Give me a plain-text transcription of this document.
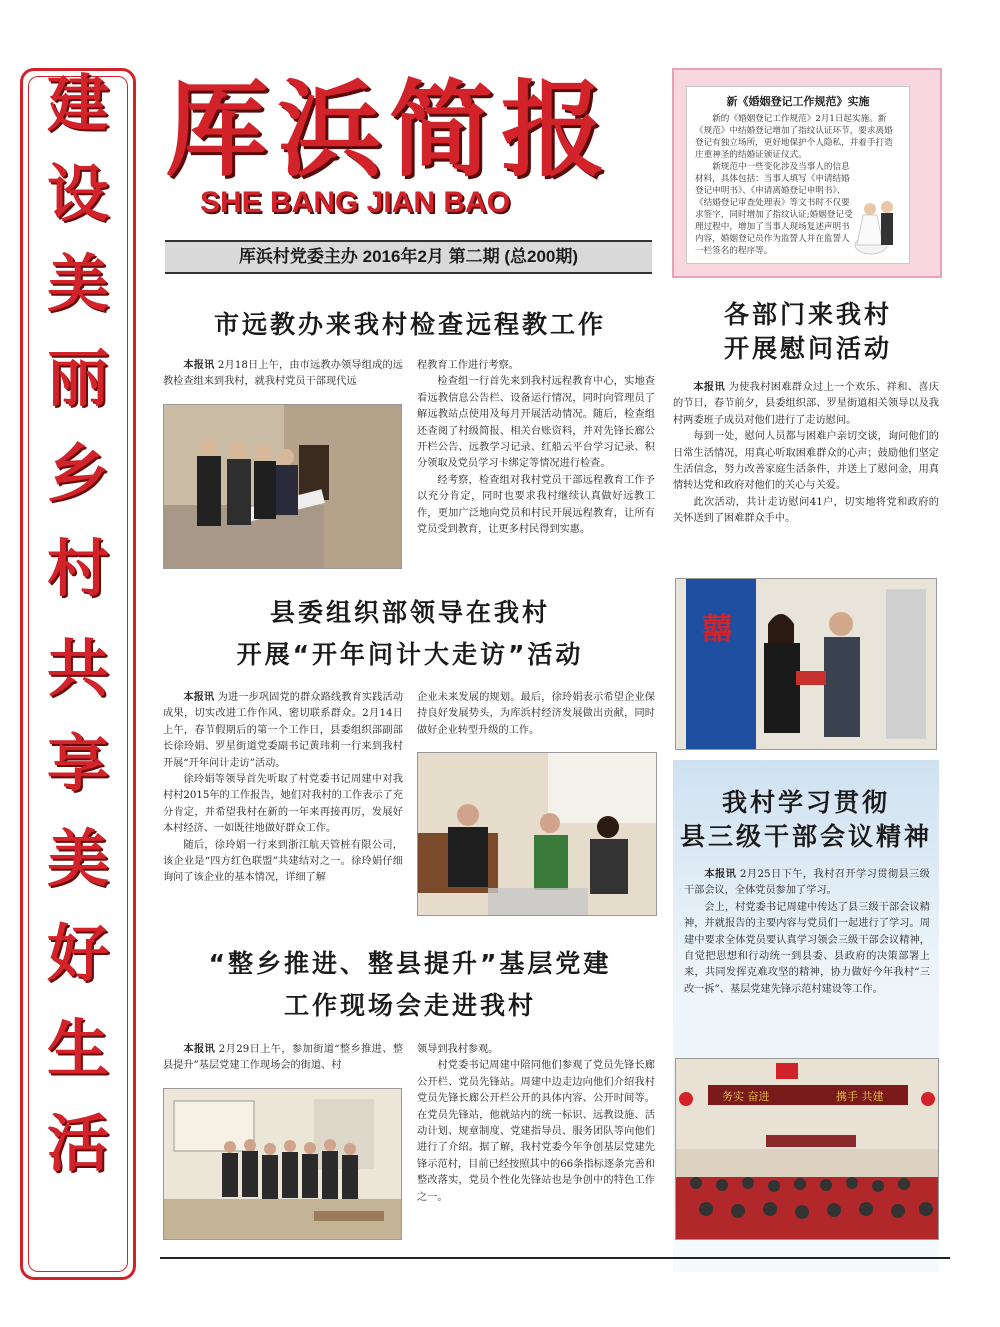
建
设
美
丽
乡
村
共
享
美
好
生
活
厍浜简报
SHE BANG JIAN BAO
厍浜村党委主办 2016年2月 第二期 (总200期)
新《婚姻登记工作规范》实施

新的《婚姻登记工作规范》2月1日起实施。新《规范》中结婚登记增加了指纹认证环节，要求离婚登记有独立场所，更好地保护个人隐私，并着手打造庄重神圣的结婚证颁证仪式。

新规范中一些变化涉及当事人的信息材料，具体包括：当事人填写《申请结婚登记申明书》、《申请离婚登记申明书》、《结婚登记审查处理表》等文书时不仅要求签字，同时增加了指纹认证;婚姻登记受理过程中，增加了当事人现场复述声明书内容，婚姻登记员作为监誓人并在监誓人一栏签名的程序等。

市远教办来我村检查远程教工作

本报讯 2月18日上午，由市远教办领导组成的远教检查组来到我村，就我村党员干部现代远

程教育工作进行考察。

检查组一行首先来到我村远程教育中心，实地查看远教信息公告栏、设备运行情况，同时向管理员了解远教站点使用及每月开展活动情况。随后，检查组还查阅了村级简报、相关台账资料，并对先锋长廊公开栏公告、远教学习记录、红船云平台学习记录、积分领取及党员学习卡绑定等情况进行检查。

经考察，检查组对我村党员干部远程教育工作予以充分肯定，同时也要求我村继续认真做好远教工作，更加广泛地向党员和村民开展远程教育，让所有党员受到教育，让更多村民得到实惠。

各部门来我村
开展慰问活动

本报讯 为使我村困难群众过上一个欢乐、祥和、喜庆的节日，春节前夕，县委组织部、罗星街道相关领导以及我村两委班子成员对他们进行了走访慰问。

每到一处，慰问人员都与困难户亲切交谈，询问他们的日常生活情况，用真心听取困难群众的心声；鼓励他们坚定生活信念，努力改善家庭生活条件，并送上了慰问金，用真情转达党和政府对他们的关心与关爱。

此次活动，共计走访慰问41户，切实地将党和政府的关怀送到了困难群众手中。

囍
县委组织部领导在我村
开展“开年问计大走访”活动

本报讯 为进一步巩固党的群众路线教育实践活动成果，切实改进工作作风、密切联系群众。2月14日上午，春节假期后的第一个工作日，县委组织部副部长徐玲娟、罗星街道党委副书记黄玮莉一行来到我村开展“开年问计走访”活动。

徐玲娟等领导首先听取了村党委书记周建中对我村村2015年的工作报告，她们对我村的工作表示了充分肯定，并希望我村在新的一年来再接再厉，发展好本村经济、一如既往地做好群众工作。

随后，徐玲娟一行来到浙江航天管桩有限公司，该企业是“四方红色联盟”共建结对之一。徐玲娟仔细询问了该企业的基本情况，详细了解

企业未来发展的规划。最后，徐玲娟表示希望企业保持良好发展势头，为库浜村经济发展做出贡献，同时做好企业转型升级的工作。

我村学习贯彻
县三级干部会议精神

本报讯 2月25日下午，我村召开学习贯彻县三级干部会议，全体党员参加了学习。

会上，村党委书记周建中传达了县三级干部会议精神，并就报告的主要内容与党员们一起进行了学习。周建中要求全体党员要认真学习领会三级干部会议精神，自觉把思想和行动统一到县委、县政府的决策部署上来，共同发挥克难攻坚的精神，协力做好今年我村“三改一拆”、基层党建先锋示范村建设等工作。

务实 奋进	携手 共建
“整乡推进、整县提升”基层党建
工作现场会走进我村

本报讯 2月29日上午，参加街道“整乡推进、整县提升”基层党建工作现场会的街道、村

领导到我村参观。

村党委书记周建中陪同他们参观了党员先锋长廊公开栏、党员先锋站。周建中边走边向他们介绍我村党员先锋长廊公开栏公开的具体内容、公开时间等。在党员先锋站，他就站内的统一标识、远教设施、活动计划、规章制度、党建指导员、服务团队等向他们进行了介绍。据了解，我村党委今年争创基层党建先锋示范村，目前已经按照其中的66条指标逐条完善和整改落实，党员个性化先锋站也是争创中的特色工作之一。
